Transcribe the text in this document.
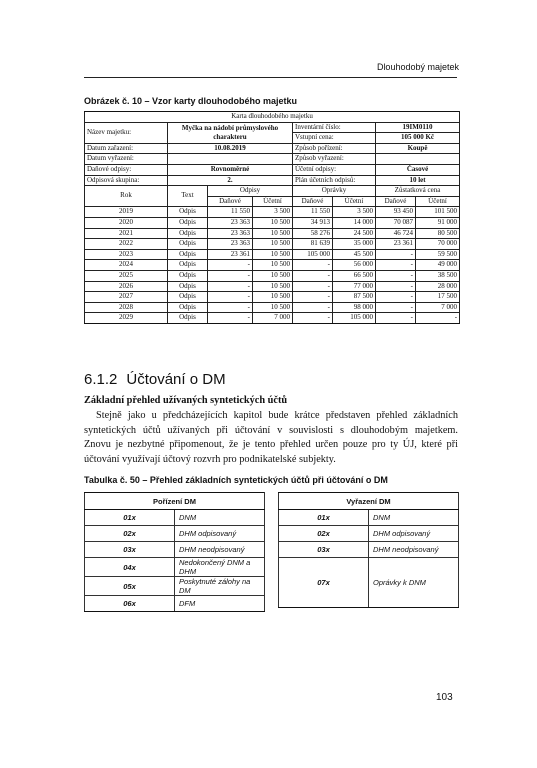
Dlouhodobý majetek
Obrázek č. 10 – Vzor karty dlouhodobého majetku
Karta dlouhodobého majetku							
Název majetku:	Myčka na nádobí průmyslového charakteru			Inventární číslo:		19IM0110	
				Vstupní cena:		105 000 Kč	
Datum zařazení:	10.08.2019			Způsob pořízení:		Koupě	
Datum vyřazení:				Způsob vyřazení:			
Daňové odpisy:	Rovnoměrné			Účetní odpisy:		Časové	
Odpisová skupina:	2.			Plán účetních odpisů:		10 let	
Rok	Text	Odpisy		Oprávky		Zůstatková cena	
		Daňové	Účetní	Daňové	Účetní	Daňové	Účetní
2019	Odpis	11 550	3 500	11 550	3 500	93 450	101 500
2020	Odpis	23 363	10 500	34 913	14 000	70 087	91 000
2021	Odpis	23 363	10 500	58 276	24 500	46 724	80 500
2022	Odpis	23 363	10 500	81 639	35 000	23 361	70 000
2023	Odpis	23 361	10 500	105 000	45 500	-	59 500
2024	Odpis	-	10 500	-	56 000	-	49 000
2025	Odpis	-	10 500	-	66 500	-	38 500
2026	Odpis	-	10 500	-	77 000	-	28 000
2027	Odpis	-	10 500	-	87 500	-	17 500
2028	Odpis	-	10 500	-	98 000	-	7 000
2029	Odpis	-	7 000	-	105 000	-	-
6.1.2 Účtování o DM
Základní přehled užívaných syntetických účtů
Stejně jako u předcházejících kapitol bude krátce představen přehled základních
syntetických účtů užívaných při účtování v souvislosti s dlouhodobým majetkem.
Znovu je nezbytné připomenout, že je tento přehled určen pouze pro ty ÚJ, které při
účtování využívají účtový rozvrh pro podnikatelské subjekty.
Tabulka č. 50 – Přehled základních syntetických účtů při účtování o DM
Pořízení DM	
01x	DNM
02x	DHM odpisovaný
03x	DHM neodpisovaný
04x	Nedokončený DNM a DHM
05x	Poskytnuté zálohy na DM
06x	DFM
Vyřazení DM	
01x	DNM
02x	DHM odpisovaný
03x	DHM neodpisovaný
07x	Oprávky k DNM
103
